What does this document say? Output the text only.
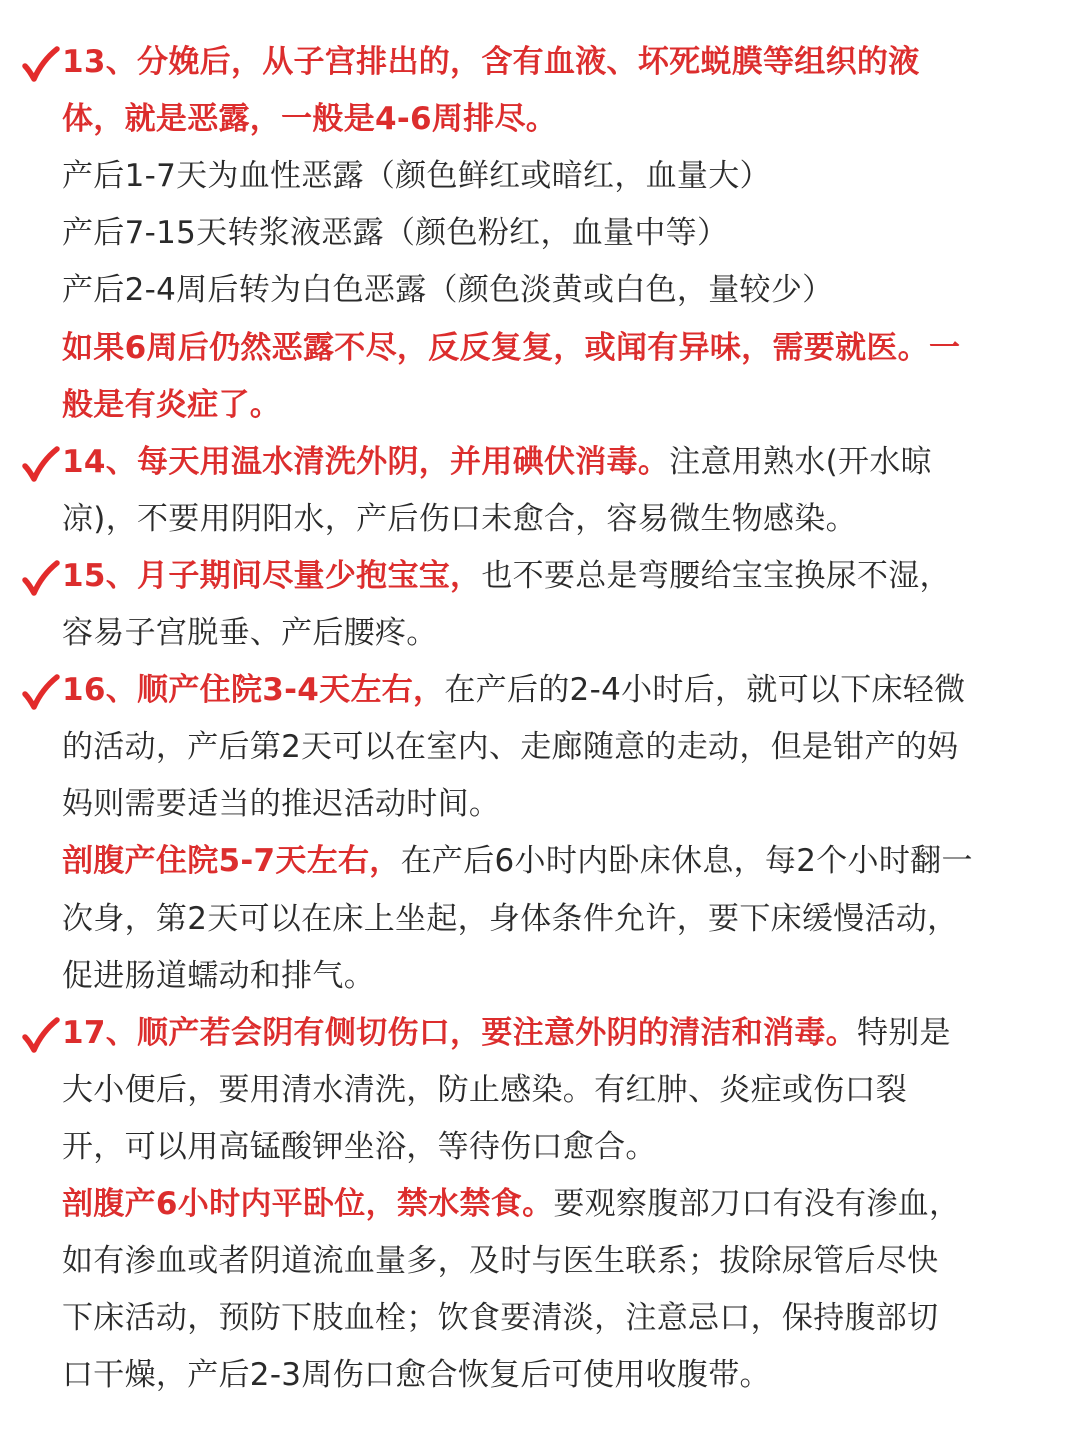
13、分娩后，从子宫排出的，含有血液、坏死蜕膜等组织的液
体，就是恶露，一般是4-6周排尽。
产后1-7天为血性恶露（颜色鲜红或暗红，血量大）
产后7-15天转浆液恶露（颜色粉红，血量中等）
产后2-4周后转为白色恶露（颜色淡黄或白色，量较少）
如果6周后仍然恶露不尽，反反复复，或闻有异味，需要就医。一
般是有炎症了。
14、每天用温水清洗外阴，并用碘伏消毒。注意用熟水(开水晾
凉)，不要用阴阳水，产后伤口未愈合，容易微生物感染。
15、月子期间尽量少抱宝宝，也不要总是弯腰给宝宝换尿不湿，
容易子宫脱垂、产后腰疼。
16、顺产住院3-4天左右，在产后的2-4小时后，就可以下床轻微
的活动，产后第2天可以在室内、走廊随意的走动，但是钳产的妈
妈则需要适当的推迟活动时间。
剖腹产住院5-7天左右，在产后6小时内卧床休息，每2个小时翻一
次身，第2天可以在床上坐起，身体条件允许，要下床缓慢活动，
促进肠道蠕动和排气。
17、顺产若会阴有侧切伤口，要注意外阴的清洁和消毒。特别是
大小便后，要用清水清洗，防止感染。有红肿、炎症或伤口裂
开，可以用高锰酸钾坐浴，等待伤口愈合。
剖腹产6小时内平卧位，禁水禁食。要观察腹部刀口有没有渗血，
如有渗血或者阴道流血量多，及时与医生联系；拔除尿管后尽快
下床活动，预防下肢血栓；饮食要清淡，注意忌口，保持腹部切
口干燥，产后2-3周伤口愈合恢复后可使用收腹带。
